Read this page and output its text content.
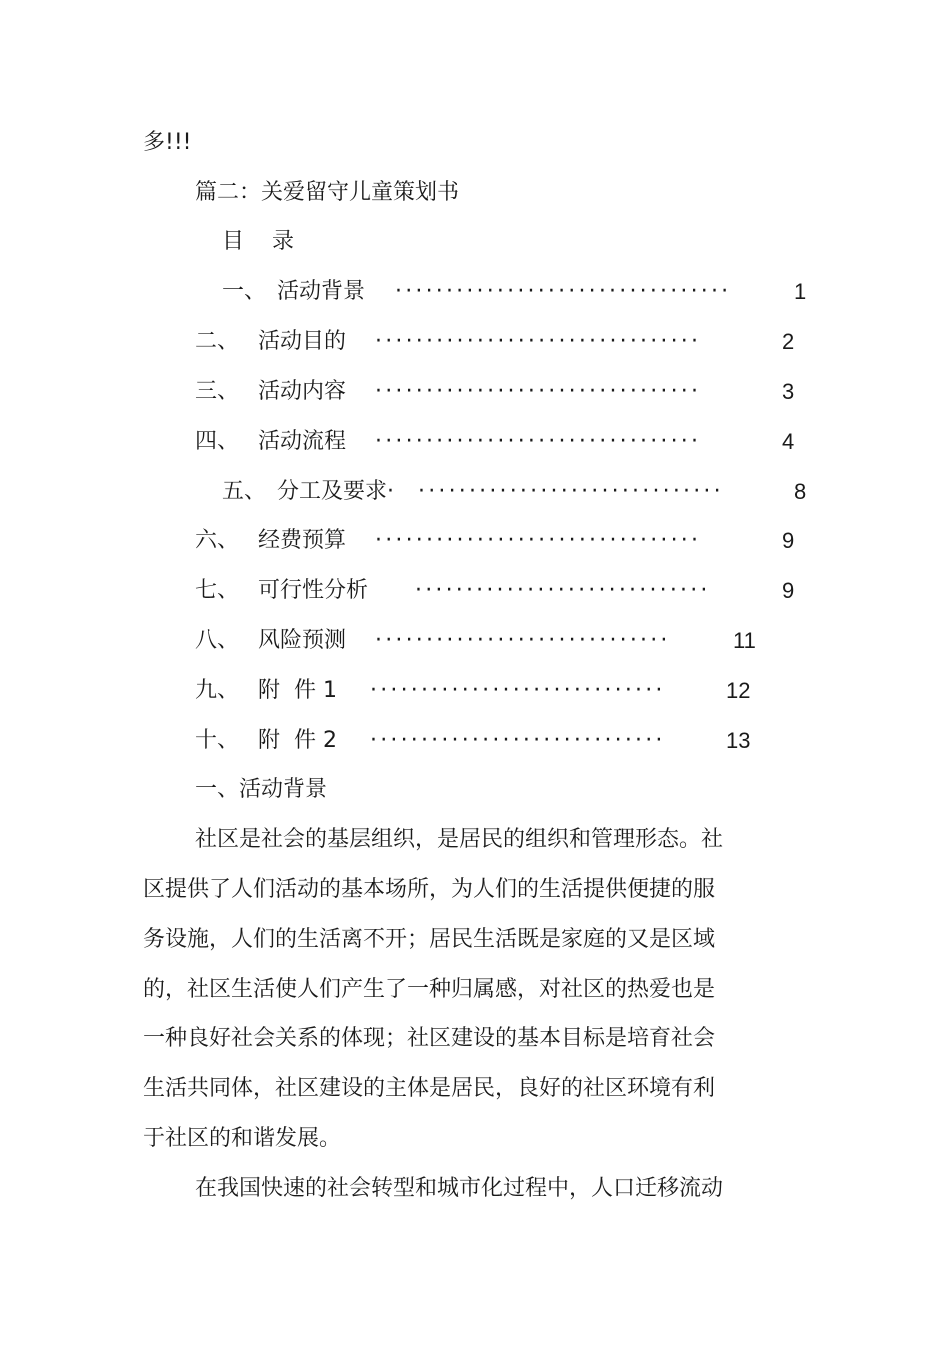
多!!!
篇二：关爱留守儿童策划书
目    录
一、 活动背景 ·································	1
二、 活动目的 ································	2
三、 活动内容 ································	3
四、 活动流程 ································	4
五、 分工及要求· ······························	8
六、 经费预算 ································	9
七、 可行性分析 ·····························	9
八、 风险预测 ·····························	11
九、 附  件 1 ·····························	12
十、 附  件 2 ·····························	13
一、活动背景
社区是社会的基层组织，是居民的组织和管理形态。社
区提供了人们活动的基本场所，为人们的生活提供便捷的服
务设施，人们的生活离不开；居民生活既是家庭的又是区域
的，社区生活使人们产生了一种归属感，对社区的热爱也是
一种良好社会关系的体现；社区建设的基本目标是培育社会
生活共同体，社区建设的主体是居民，良好的社区环境有利
于社区的和谐发展。
在我国快速的社会转型和城市化过程中，人口迁移流动
